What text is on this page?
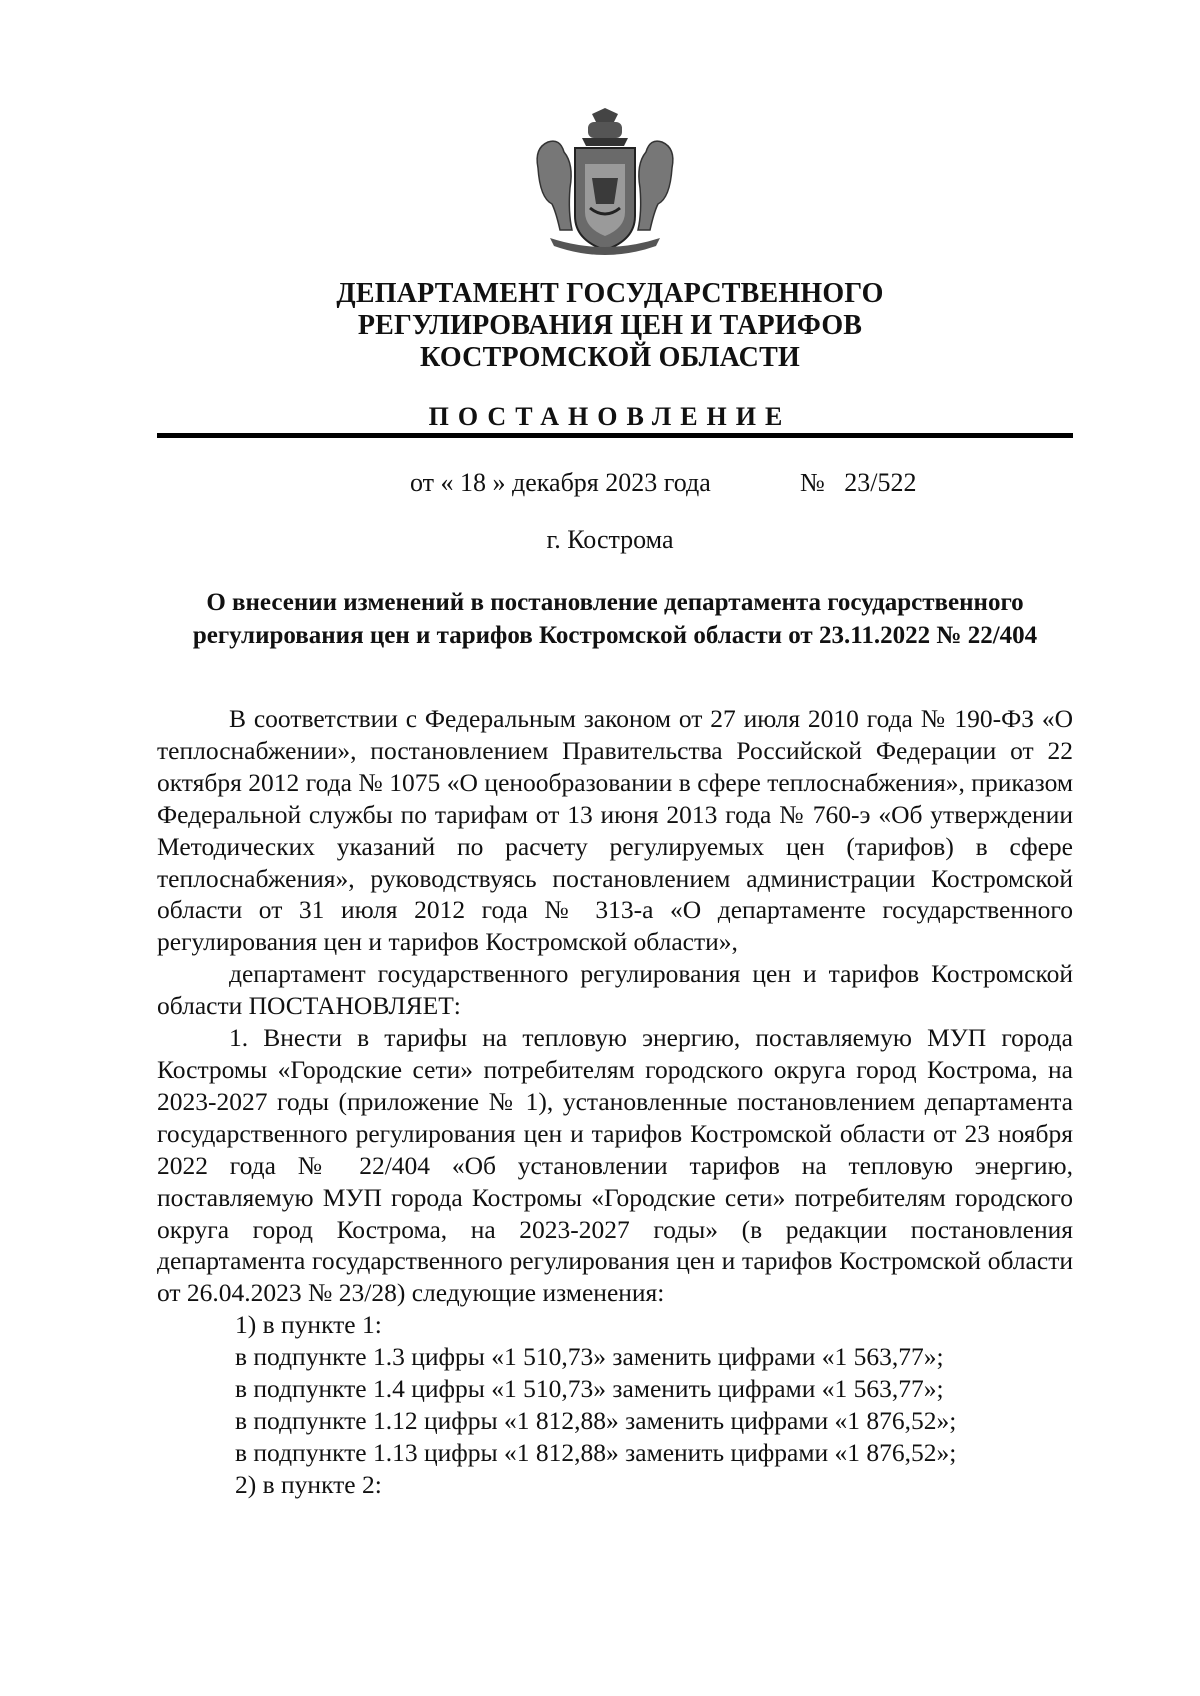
ДЕПАРТАМЕНТ ГОСУДАРСТВЕННОГО
РЕГУЛИРОВАНИЯ ЦЕН И ТАРИФОВ
КОСТРОМСКОЙ ОБЛАСТИ
ПОСТАНОВЛЕНИЕ
от « 18 » декабря 2023 года	№   23/522
г. Кострома
О внесении изменений в постановление департамента государственного
регулирования цен и тарифов Костромской области от 23.11.2022 № 22/404

В соответствии с Федеральным законом от 27 июля 2010 года № 190-ФЗ «О теплоснабжении», постановлением Правительства Российской Федерации от 22 октября 2012 года № 1075 «О ценообразовании в сфере теплоснабжения», приказом Федеральной службы по тарифам от 13 июня 2013 года № 760-э «Об утверждении Методических указаний по расчету регулируемых цен (тарифов) в сфере теплоснабжения», руководствуясь постановлением администрации Костромской области от 31 июля 2012 года № 313-а «О департаменте государственного регулирования цен и тарифов Костромской области»,

департамент государственного регулирования цен и тарифов Костромской области ПОСТАНОВЛЯЕТ:

1. Внести в тарифы на тепловую энергию, поставляемую МУП города Костромы «Городские сети» потребителям городского округа город Кострома, на 2023-2027 годы (приложение № 1), установленные постановлением департамента государственного регулирования цен и тарифов Костромской области от 23 ноября 2022 года № 22/404 «Об установлении тарифов на тепловую энергию, поставляемую МУП города Костромы «Городские сети» потребителям городского округа город Кострома, на 2023-2027 годы» (в редакции постановления департамента государственного регулирования цен и тарифов Костромской области от 26.04.2023 № 23/28) следующие изменения:

1) в пункте 1:

в подпункте 1.3 цифры «1 510,73» заменить цифрами «1 563,77»;

в подпункте 1.4 цифры «1 510,73» заменить цифрами «1 563,77»;

в подпункте 1.12 цифры «1 812,88» заменить цифрами «1 876,52»;

в подпункте 1.13 цифры «1 812,88» заменить цифрами «1 876,52»;

2) в пункте 2:
